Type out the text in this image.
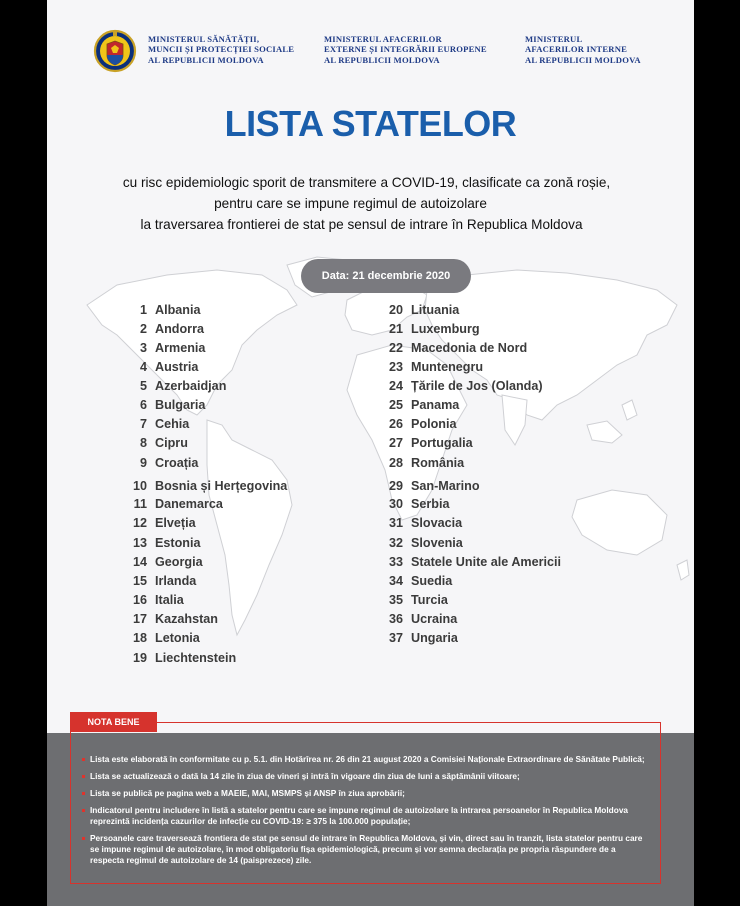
MINISTERUL SĂNĂTĂȚII,
MUNCII ȘI PROTECȚIEI SOCIALE
AL REPUBLICII MOLDOVA
MINISTERUL AFACERILOR
EXTERNE ȘI INTEGRĂRII EUROPENE
AL REPUBLICII MOLDOVA
MINISTERUL
AFACERILOR INTERNE
AL REPUBLICII MOLDOVA
LISTA STATELOR
cu risc epidemiologic sporit de transmitere a COVID-19, clasificate ca zonă roșie,
pentru care se impune regimul de autoizolare
la traversarea frontierei de stat pe sensul de intrare în Republica Moldova
Data: 21 decembrie 2020
1 Albania
2 Andorra
3 Armenia
4 Austria
5 Azerbaidjan
6 Bulgaria
7 Cehia
8 Cipru
9 Croația
10 Bosnia și Herțegovina
11 Danemarca
12 Elveția
13 Estonia
14 Georgia
15 Irlanda
16 Italia
17 Kazahstan
18 Letonia
19 Liechtenstein
20 Lituania
21 Luxemburg
22 Macedonia de Nord
23 Muntenegru
24 Țările de Jos (Olanda)
25 Panama
26 Polonia
27 Portugalia
28 România
29 San-Marino
30 Serbia
31 Slovacia
32 Slovenia
33 Statele Unite ale Americii
34 Suedia
35 Turcia
36 Ucraina
37 Ungaria
NOTA BENE
Lista este elaborată în conformitate cu p. 5.1. din Hotărîrea nr. 26 din 21 august 2020 a Comisiei Naționale Extraordinare de Sănătate Publică;
Lista se actualizează o dată la 14 zile în ziua de vineri și intră în vigoare din ziua de luni a săptămânii viitoare;
Lista se publică pe pagina web a MAEIE, MAI, MSMPS și ANSP în ziua aprobării;
Indicatorul pentru includere în listă a statelor pentru care se impune regimul de autoizolare la intrarea persoanelor în Republica Moldova reprezintă incidența cazurilor de infecție cu COVID-19: ≥ 375 la 100.000 populație;
Persoanele care traversează frontiera de stat pe sensul de intrare în Republica Moldova, și vin, direct sau în tranzit, lista statelor pentru care se impune regimul de autoizolare, în mod obligatoriu fișa epidemiologică, precum și vor semna declarația pe propria răspundere de a respecta regimul de autoizolare de 14 (paisprezece) zile.
